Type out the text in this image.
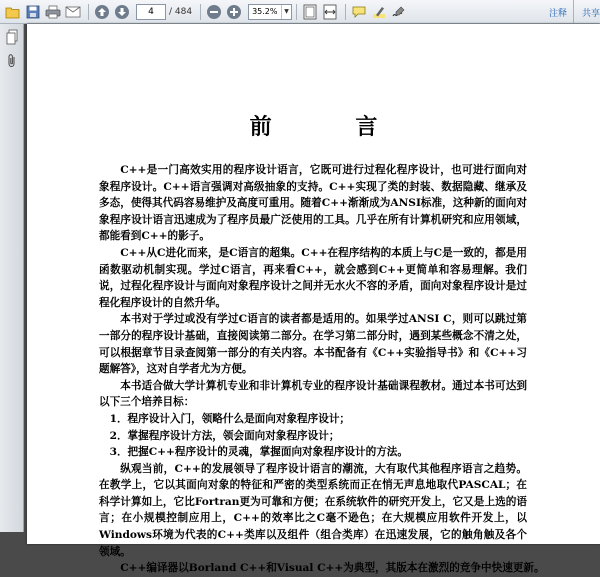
4	/ 484	35.2%	▼	注释 共享
前 言

C++是一门高效实用的程序设计语言，它既可进行过程化程序设计，也可进行面向对象程序设计。C++语言强调对高级抽象的支持。C++实现了类的封装、数据隐藏、继承及多态，使得其代码容易维护及高度可重用。随着C++渐渐成为ANSI标准，这种新的面向对象程序设计语言迅速成为了程序员最广泛使用的工具。几乎在所有计算机研究和应用领域，都能看到C++的影子。

C++从C进化而来，是C语言的超集。C++在程序结构的本质上与C是一致的，都是用函数驱动机制实现。学过C语言，再来看C++，就会感到C++更简单和容易理解。我们说，过程化程序设计与面向对象程序设计之间并无水火不容的矛盾，面向对象程序设计是过程化程序设计的自然升华。

本书对于学过或没有学过C语言的读者都是适用的。如果学过ANSI C，则可以跳过第一部分的程序设计基础，直接阅读第二部分。在学习第二部分时，遇到某些概念不清之处，可以根据章节目录查阅第一部分的有关内容。本书配备有《C++实验指导书》和《C++习题解答》，这对自学者尤为方便。

本书适合做大学计算机专业和非计算机专业的程序设计基础课程教材。通过本书可达到以下三个培养目标：

1．程序设计入门，领略什么是面向对象程序设计；

2．掌握程序设计方法，领会面向对象程序设计；

3．把握C++程序设计的灵魂，掌握面向对象程序设计的方法。

纵观当前，C++的发展领导了程序设计语言的潮流，大有取代其他程序语言之趋势。在教学上，它以其面向对象的特征和严密的类型系统而正在悄无声息地取代PASCAL；在科学计算如上，它比Fortran更为可靠和方便；在系统软件的研究开发上，它又是上选的语言；在小规模控制应用上，C++的效率比之C毫不逊色；在大规模应用软件开发上，以Windows环境为代表的C++类库以及组件（组合类库）在迅速发展，它的触角触及各个领域。

C++编译器以Borland C++和Visual C++为典型，其版本在激烈的竞争中快速更新。
